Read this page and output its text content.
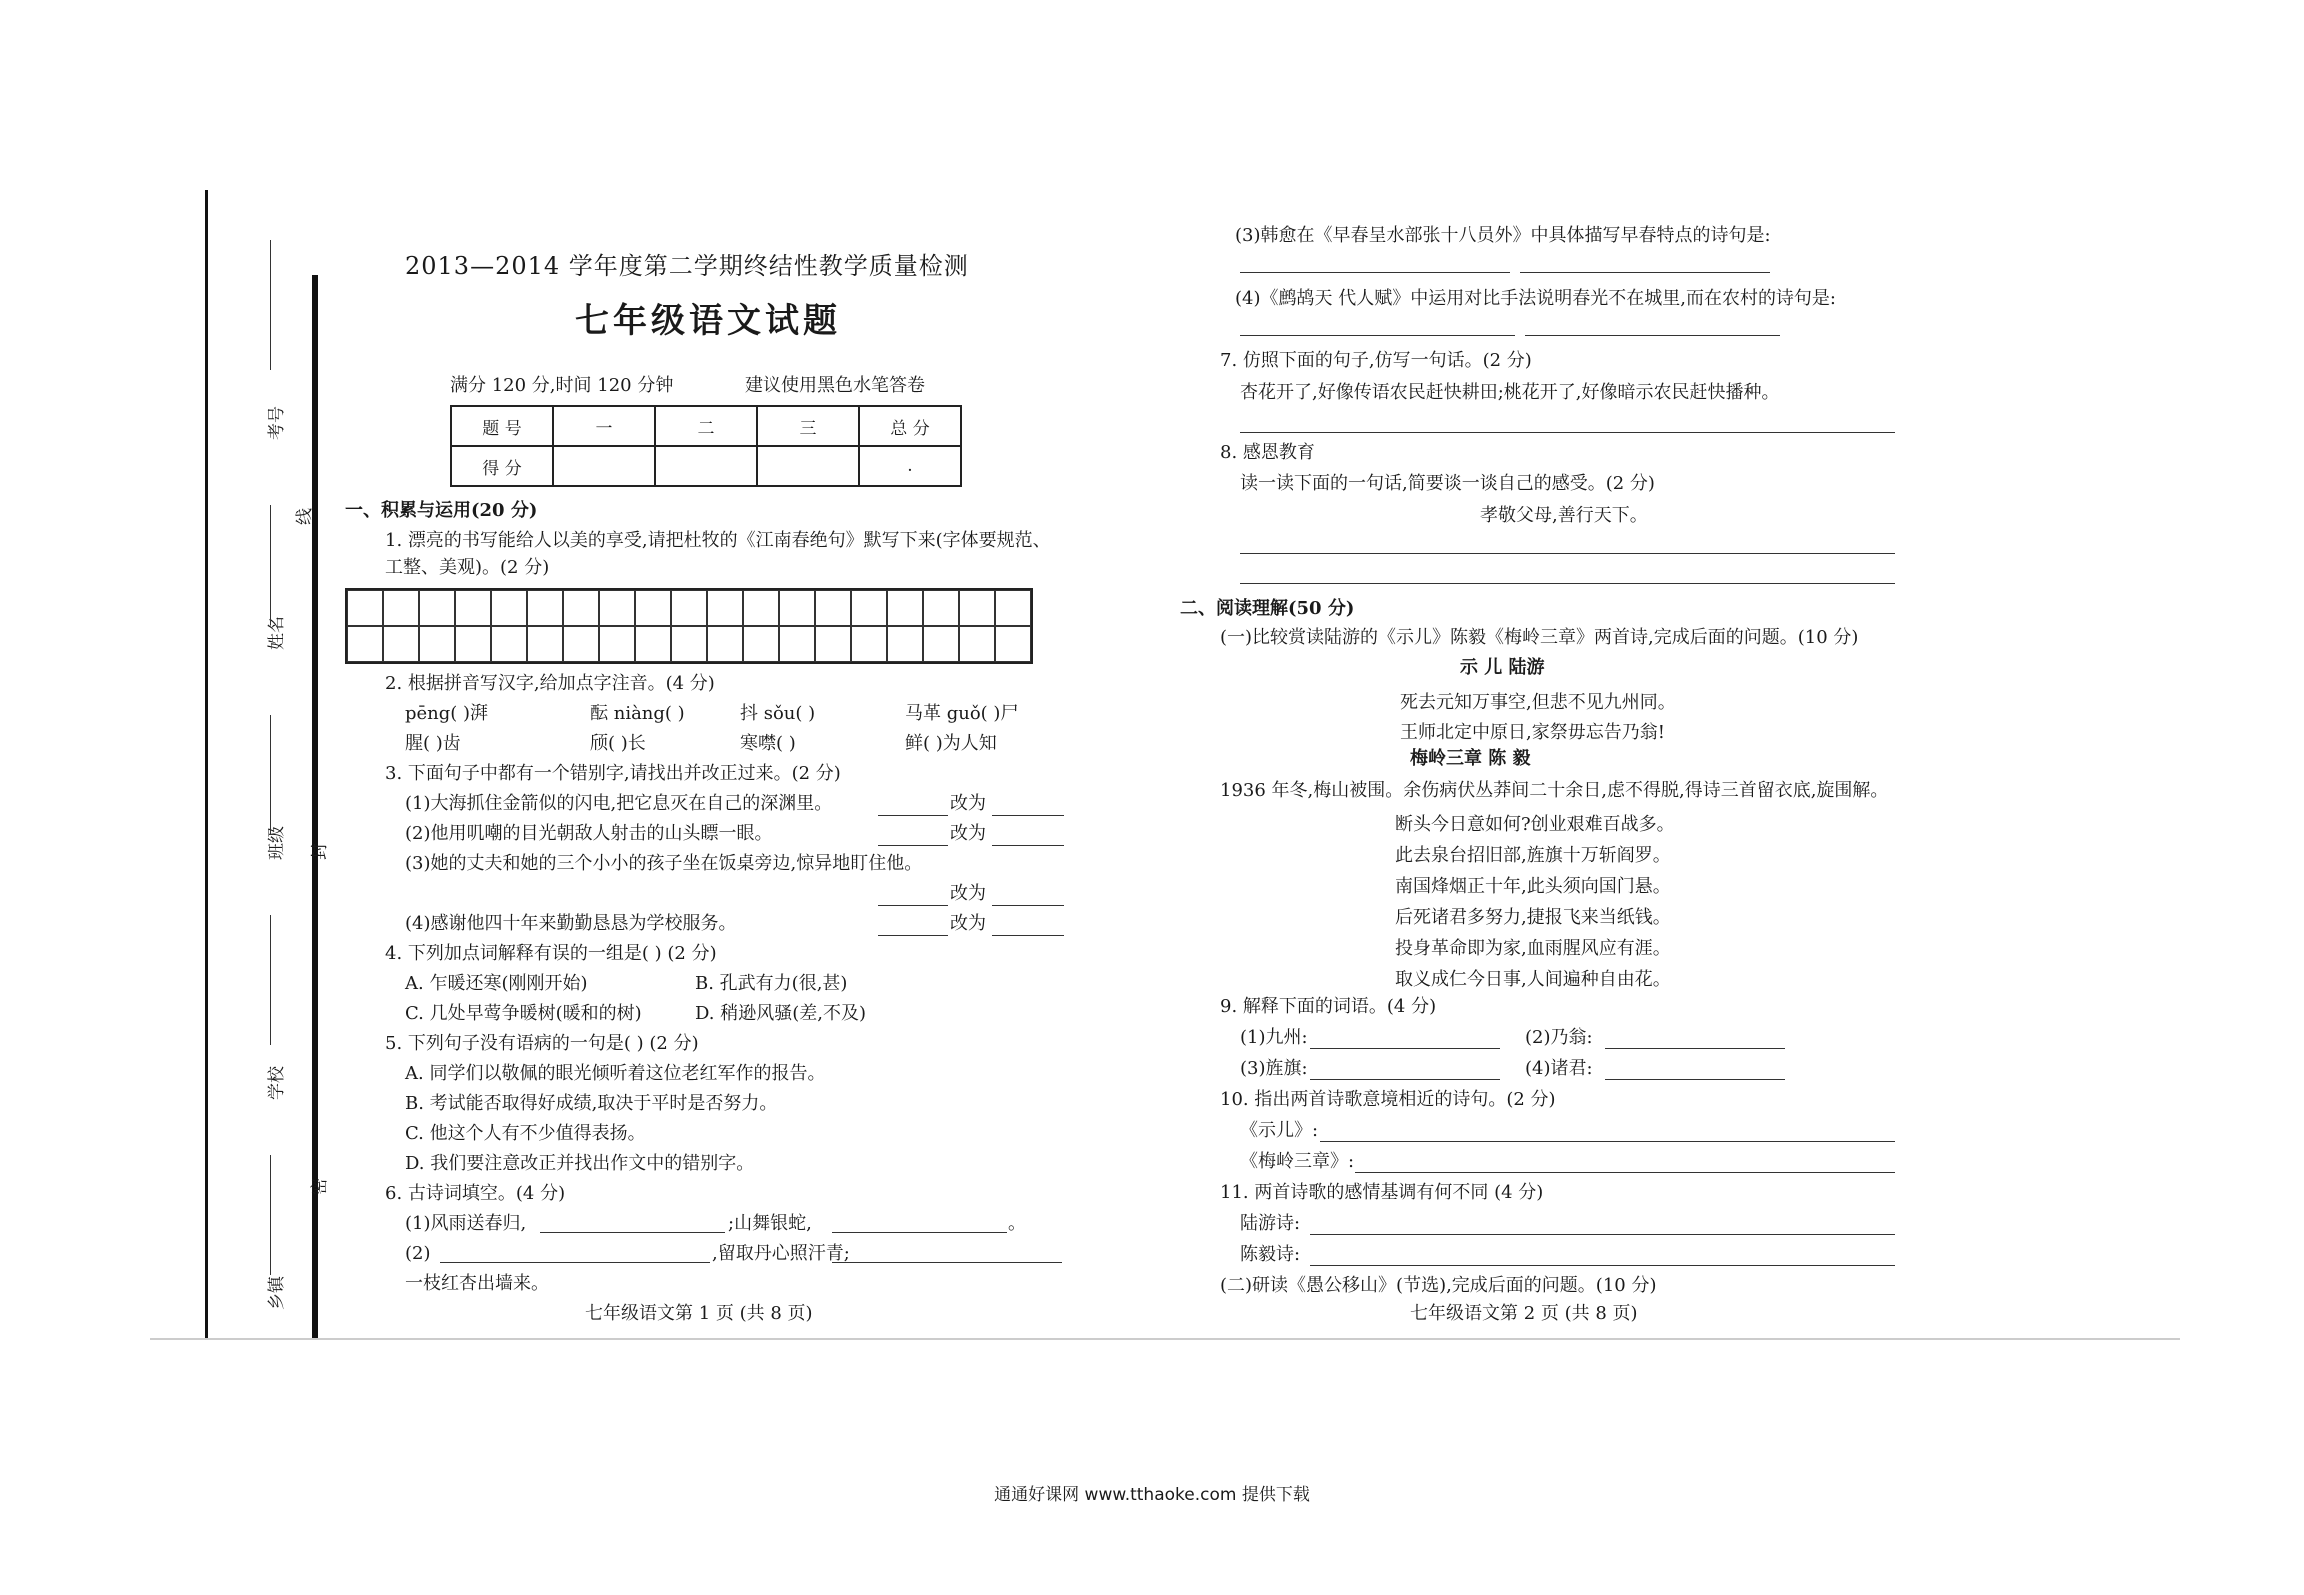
考号
线
姓名
班级 封
学校
密
乡镇
2013—2014 学年度第二学期终结性教学质量检测
七年级语文试题
满分 120 分,时间 120 分钟	建议使用黑色水笔答卷
题 号	一	二	三	总 分
得 分				.
一、积累与运用(20 分)
1. 漂亮的书写能给人以美的享受,请把杜牧的《江南春绝句》默写下来(字体要规范、
工整、美观)。(2 分)
2. 根据拼音写汉字,给加点字注音。(4 分)
pēng( )湃	酝 niàng( )	抖 sǒu( )	马革 guǒ( )尸
腥( )齿	颀( )长	寒噤( )	鲜( )为人知
3. 下面句子中都有一个错别字,请找出并改正过来。(2 分)
(1)大海抓住金箭似的闪电,把它息灭在自己的深渊里。	改为
(2)他用叽嘲的目光朝敌人射击的山头瞟一眼。	改为
(3)她的丈夫和她的三个小小的孩子坐在饭桌旁边,惊异地盯住他。
改为
(4)感谢他四十年来勤勤恳恳为学校服务。	改为
4. 下列加点词解释有误的一组是( ) (2 分)
A. 乍暖还寒(刚刚开始)	B. 孔武有力(很,甚)
C. 几处早莺争暖树(暖和的树)	D. 稍逊风骚(差,不及)
5. 下列句子没有语病的一句是( ) (2 分)
A. 同学们以敬佩的眼光倾听着这位老红军作的报告。
B. 考试能否取得好成绩,取决于平时是否努力。
C. 他这个人有不少值得表扬。
D. 我们要注意改正并找出作文中的错别字。
6. 古诗词填空。(4 分)
(1)风雨送春归,	;山舞银蛇,	。
(2)	,留取丹心照汗青;
一枝红杏出墙来。
七年级语文第 1 页 (共 8 页)
(3)韩愈在《早春呈水部张十八员外》中具体描写早春特点的诗句是:
(4)《鹧鸪天 代人赋》中运用对比手法说明春光不在城里,而在农村的诗句是:
7. 仿照下面的句子,仿写一句话。(2 分)
杏花开了,好像传语农民赶快耕田;桃花开了,好像暗示农民赶快播种。
8. 感恩教育
读一读下面的一句话,简要谈一谈自己的感受。(2 分)
孝敬父母,善行天下。
二、阅读理解(50 分)
(一)比较赏读陆游的《示儿》陈毅《梅岭三章》两首诗,完成后面的问题。(10 分)
示 儿 陆游
死去元知万事空,但悲不见九州同。
王师北定中原日,家祭毋忘告乃翁!
梅岭三章 陈 毅
1936 年冬,梅山被围。余伤病伏丛莽间二十余日,虑不得脱,得诗三首留衣底,旋围解。
断头今日意如何?创业艰难百战多。
此去泉台招旧部,旌旗十万斩阎罗。
南国烽烟正十年,此头须向国门悬。
后死诸君多努力,捷报飞来当纸钱。
投身革命即为家,血雨腥风应有涯。
取义成仁今日事,人间遍种自由花。
9. 解释下面的词语。(4 分)
(1)九州:	(2)乃翁:
(3)旌旗:	(4)诸君:
10. 指出两首诗歌意境相近的诗句。(2 分)
《示儿》:
《梅岭三章》:
11. 两首诗歌的感情基调有何不同 (4 分)
陆游诗:
陈毅诗:
(二)研读《愚公移山》(节选),完成后面的问题。(10 分)
七年级语文第 2 页 (共 8 页)
通通好课网 www.tthaoke.com 提供下载
